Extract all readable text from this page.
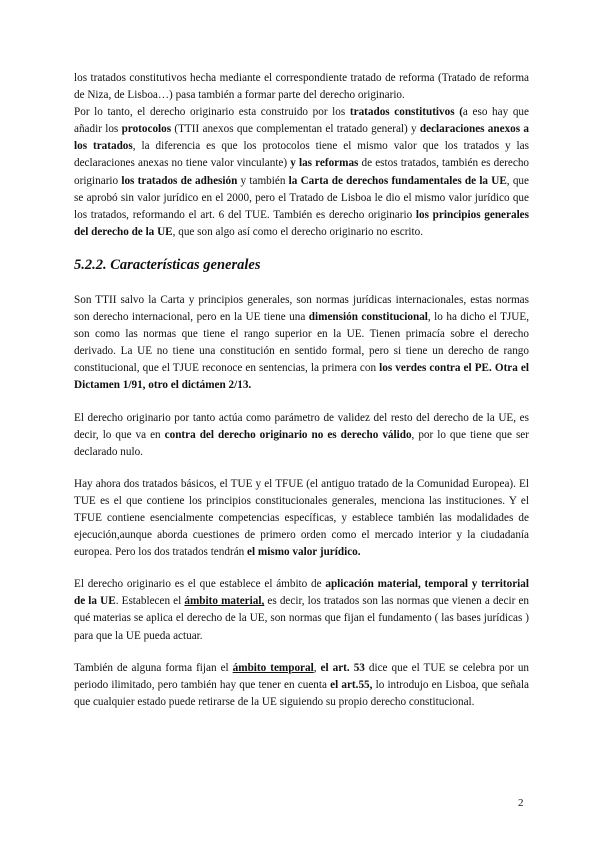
los tratados constitutivos hecha mediante el correspondiente tratado de reforma (Tratado de reforma de Niza, de Lisboa…) pasa también a formar parte del derecho originario.

Por lo tanto, el derecho originario esta construido por los tratados constitutivos (a eso hay que añadir los protocolos (TTII anexos que complementan el tratado general) y declaraciones anexos a los tratados, la diferencia es que los protocolos tiene el mismo valor que los tratados y las declaraciones anexas no tiene valor vinculante) y las reformas de estos tratados, también es derecho originario los tratados de adhesión y también la Carta de derechos fundamentales de la UE, que se aprobó sin valor jurídico en el 2000, pero el Tratado de Lisboa le dio el mismo valor jurídico que los tratados, reformando el art. 6 del TUE. También es derecho originario los principios generales del derecho de la UE, que son algo así como el derecho originario no escrito.

5.2.2. Características generales

Son TTII salvo la Carta y principios generales, son normas jurídicas internacionales, estas normas son derecho internacional, pero en la UE tiene una dimensión constitucional, lo ha dicho el TJUE, son como las normas que tiene el rango superior en la UE. Tienen primacía sobre el derecho derivado. La UE no tiene una constitución en sentido formal, pero si tiene un derecho de rango constitucional, que el TJUE reconoce en sentencias, la primera con los verdes contra el PE. Otra el Dictamen 1/91, otro el dictámen 2/13.

El derecho originario por tanto actúa como parámetro de validez del resto del derecho de la UE, es decir, lo que va en contra del derecho originario no es derecho válido, por lo que tiene que ser declarado nulo.

Hay ahora dos tratados básicos, el TUE y el TFUE (el antiguo tratado de la Comunidad Europea). El TUE es el que contiene los principios constitucionales generales, menciona las instituciones. Y el TFUE contiene esencialmente competencias específicas, y establece también las modalidades de ejecución,aunque aborda cuestiones de primero orden como el mercado interior y la ciudadanía europea. Pero los dos tratados tendrán el mismo valor jurídico.

El derecho originario es el que establece el ámbito de aplicación material, temporal y territorial de la UE. Establecen el ámbito material, es decir, los tratados son las normas que vienen a decir en qué materias se aplica el derecho de la UE, son normas que fijan el fundamento ( las bases jurídicas ) para que la UE pueda actuar.

También de alguna forma fijan el ámbito temporal, el art. 53 dice que el TUE se celebra por un periodo ilimitado, pero también hay que tener en cuenta el art.55, lo introdujo en Lisboa, que señala que cualquier estado puede retirarse de la UE siguiendo su propio derecho constitucional.

2
